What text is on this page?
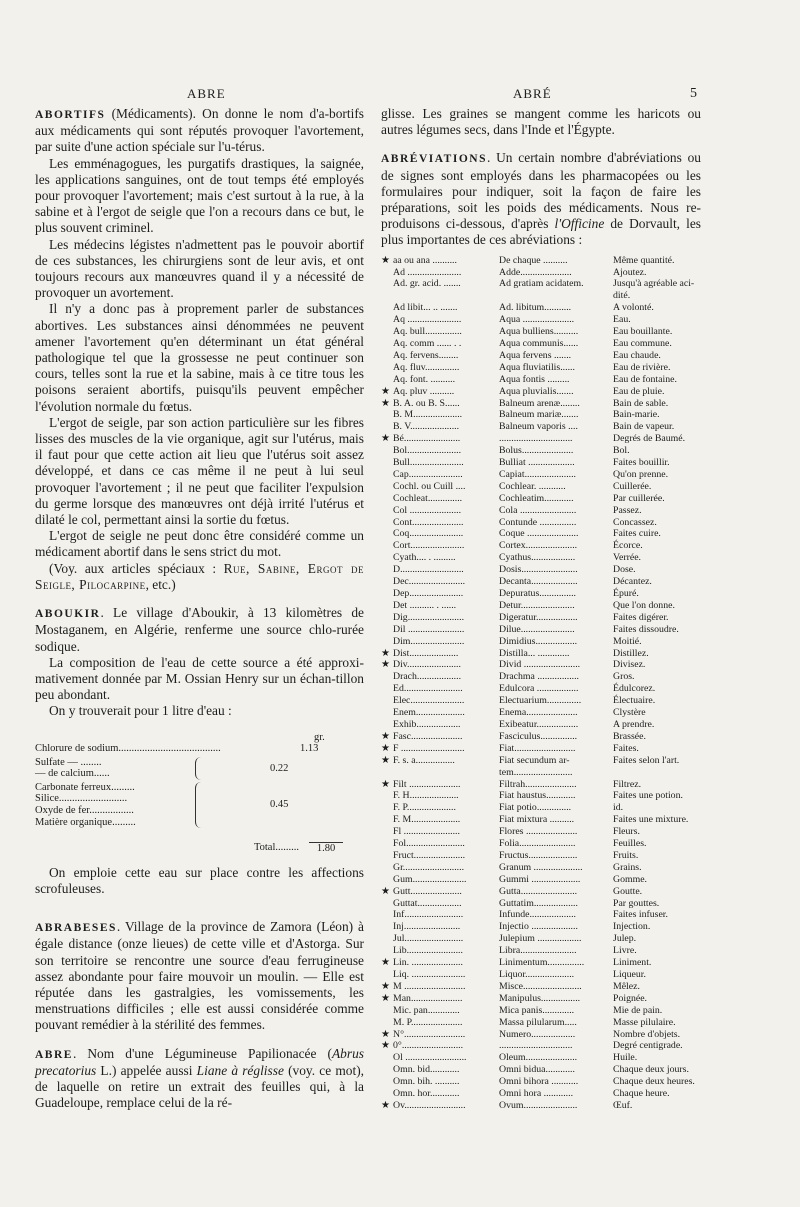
ABRE	ABRÉ	5

ABORTIFS (Médicaments). On donne le nom d'a-bortifs aux médicaments qui sont réputés provoquer l'avortement, par suite d'une action spéciale sur l'u-térus.

Les emménagogues, les purgatifs drastiques, la saignée, les applications sanguines, ont de tout temps été employés pour provoquer l'avortement; mais c'est surtout à la rue, à la sabine et à l'ergot de seigle que l'on a recours dans ce but, le plus souvent criminel.

Les médecins légistes n'admettent pas le pouvoir abortif de ces substances, les chirurgiens sont de leur avis, et ont toujours recours aux manœuvres quand il y a nécessité de provoquer un avortement.

Il n'y a donc pas à proprement parler de substances abortives. Les substances ainsi dénommées ne peuvent amener l'avortement qu'en déterminant un état général pathologique tel que la grossesse ne peut continuer son cours, telles sont la rue et la sabine, mais à ce titre tous les poisons seraient abortifs, puisqu'ils peuvent empêcher l'évolution normale du fœtus.

L'ergot de seigle, par son action particulière sur les fibres lisses des muscles de la vie organique, agit sur l'utérus, mais il faut pour que cette action ait lieu que l'utérus soit assez développé, et dans ce cas même il ne peut à lui seul provoquer l'avortement ; il ne peut que faciliter l'expulsion du germe lorsque des manœuvres ont déjà irrité l'utérus et dilaté le col, permettant ainsi la sortie du fœtus.

L'ergot de seigle ne peut donc être considéré comme un médicament abortif dans le sens strict du mot.

(Voy. aux articles spéciaux : Rue, Sabine, Ergot de Seigle, Pilocarpine, etc.)

ABOUKIR. Le village d'Aboukir, à 13 kilomètres de Mostaganem, en Algérie, renferme une source chlo-rurée sodique.

La composition de l'eau de cette source a été approxi-mativement donnée par M. Ossian Henry sur un échan-tillon peu abondant.

On y trouverait pour 1 litre d'eau :

gr.
Chlorure de sodium.......................................	1.13
Sulfate — ........
— de calcium......
0.22
Carbonate ferreux.........
Silice..........................
Oxyde de fer.................
Matière organique.........
0.45
Total.........	1.80

On emploie cette eau sur place contre les affections scrofuleuses.

ABRABESES. Village de la province de Zamora (Léon) à égale distance (onze lieues) de cette ville et d'Astorga. Sur son territoire se rencontre une source d'eau ferrugineuse assez abondante pour faire mouvoir un moulin. — Elle est réputée dans les gastralgies, les vomissements, les menstruations difficiles ; elle est aussi considérée comme pouvant remédier à la stérilité des femmes.

ABRE. Nom d'une Légumineuse Papilionacée (Abrus precatorius L.) appelée aussi Liane à réglisse (voy. ce mot), de laquelle on retire un extrait des feuilles qui, à la Guadeloupe, remplace celui de la ré-

glisse. Les graines se mangent comme les haricots ou autres légumes secs, dans l'Inde et l'Égypte.

ABRÉVIATIONS. Un certain nombre d'abréviations ou de signes sont employés dans les pharmacopées ou les formulaires pour indiquer, soit la façon de faire les préparations, soit les poids des médicaments. Nous re-produisons ci-dessous, d'après l'Officine de Dorvault, les plus importantes de ces abréviations :

★ aa ou ana ..........	De chaque ..........	Même quantité.
Ad ......................	Adde.....................	Ajoutez.
Ad. gr. acid. .......	Ad gratiam acidatem.	Jusqu'à agréable aci-
dité.
Ad libit... .. .......	Ad. libitum...........	A volonté.
Aq ......................	Aqua .....................	Eau.
Aq. bull...............	Aqua bulliens..........	Eau bouillante.
Aq. comm ...... . .	Aqua communis......	Eau commune.
Aq. fervens........	Aqua fervens .......	Eau chaude.
Aq. fluv..............	Aqua fluviatilis......	Eau de rivière.
Aq. font. ..........	Aqua fontis .........	Eau de fontaine.
★ Aq. pluv ..........	Aqua pluvialis.......	Eau de pluie.
★ B. A. ou B. S......	Balneum arenæ........	Bain de sable.
B. M....................	Balneum mariæ.......	Bain-marie.
B. V....................	Balneum vaporis ....	Bain de vapeur.
★ Bé.......................	..............................	Degrés de Baumé.
Bol......................	Bolus.....................	Bol.
Bull......................	Bulliat ...................	Faites bouillir.
Cap......................	Capiat.....................	Qu'on prenne.
Cochl. ou Cuill ....	Cochlear. ...........	Cuillerée.
Cochleat..............	Cochleatim............	Par cuillerée.
Col .....................	Cola .......................	Passez.
Cont.....................	Contunde ...............	Concassez.
Coq......................	Coque .....................	Faites cuire.
Cort......................	Cortex.....................	Écorce.
Cyath.... . .........	Cyathus..................	Verrée.
D..........................	Dosis.......................	Dose.
Dec.......................	Decanta...................	Décantez.
Dep......................	Depuratus...............	Épuré.
Det .......... . ......	Detur......................	Que l'on donne.
Dig.......................	Digeratur.................	Faites digérer.
Dil .......................	Dilue......................	Faites dissoudre.
Dim......................	Dimidius.................	Moitié.
★ Dist....................	Distilla... .............	Distillez.
★ Div......................	Divid .......................	Divisez.
Drach..................	Drachma .................	Gros.
Ed........................	Edulcora .................	Édulcorez.
Elec......................	Electuarium..............	Électuaire.
Enem....................	Enema.....................	Clystère
Exhib..................	Exibeatur.................	A prendre.
★ Fasc.....................	Fasciculus...............	Brassée.
★ F ..........................	Fiat.........................	Faites.
★ F. s. a................	Fiat secundum ar-	Faites selon l'art.
tem........................
★ Filt .....................	Filtrah.....................	Filtrez.
F. H....................	Fiat haustus............	Faites une potion.
F. P....................	Fiat potio..............	id.
F. M....................	Fiat mixtura ..........	Faites une mixture.
Fl .......................	Flores .....................	Fleurs.
Fol........................	Folia.......................	Feuilles.
Fruct.....................	Fructus....................	Fruits.
Gr.........................	Granum ....................	Grains.
Gum......................	Gummi ....................	Gomme.
★ Gutt.....................	Gutta.......................	Goutte.
Guttat..................	Guttatim..................	Par gouttes.
Inf........................	Infunde...................	Faites infuser.
Inj.......................	Injectio ...................	Injection.
Jul........................	Julepium ..................	Julep.
Lib.......................	Libra.......................	Livre.
★ Lin. .....................	Linimentum...............	Liniment.
Liq. ......................	Liquor....................	Liqueur.
★ M .........................	Misce........................	Mêlez.
★ Man.....................	Manipulus................	Poignée.
Mic. pan.............	Mica panis.............	Mie de pain.
M. P.....................	Massa pilularum.....	Masse pilulaire.
★ N°.........................	Numero..................	Nombre d'objets.
★ 0°.........................	..............................	Degré centigrade.
Ol .........................	Oleum.....................	Huile.
Omn. bid............	Omni bidua............	Chaque deux jours.
Omn. bih. ..........	Omni bihora ...........	Chaque deux heures.
Omn. hor............	Omni hora ............	Chaque heure.
★ Ov.........................	Ovum......................	Œuf.
